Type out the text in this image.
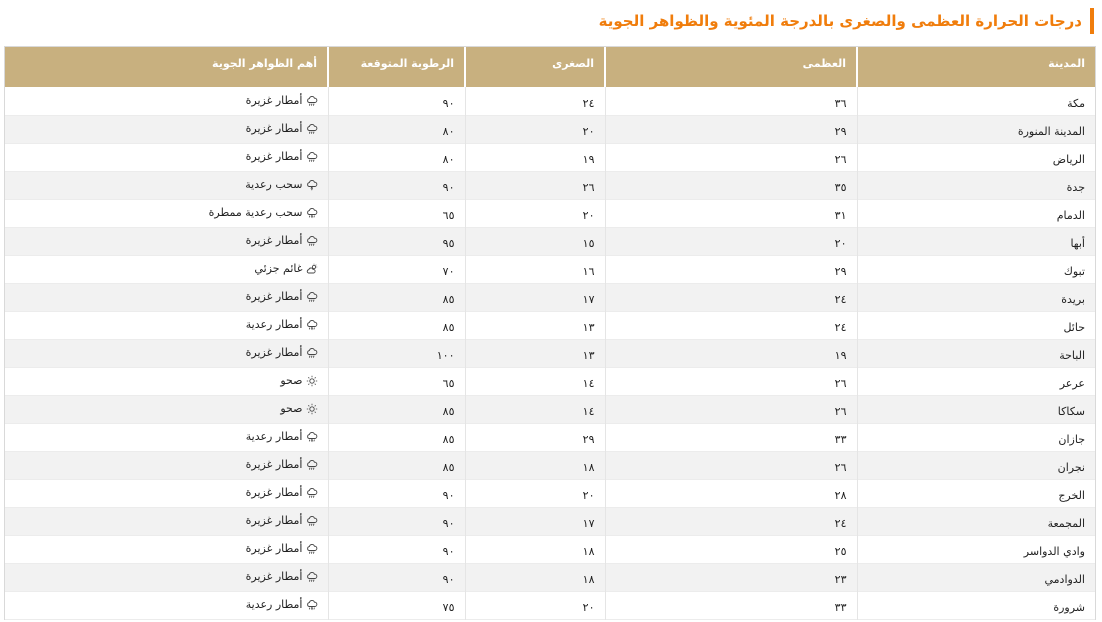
درجات الحرارة العظمى والصغرى بالدرجة المئوية والظواهر الجوية
المدينة	العظمى	الصغرى	الرطوبة المتوقعة	أهم الظواهر الجوية
مكة	٣٦	٢٤	٩٠	أمطار غزيرة

المدينة المنورة	٢٩	٢٠	٨٠	أمطار غزيرة

الرياض	٢٦	١٩	٨٠	أمطار غزيرة

جدة	٣٥	٢٦	٩٠	سحب رعدية

الدمام	٣١	٢٠	٦٥	سحب رعدية ممطرة

أبها	٢٠	١٥	٩٥	أمطار غزيرة

تبوك	٢٩	١٦	٧٠	غائم جزئي

بريدة	٢٤	١٧	٨٥	أمطار غزيرة

حائل	٢٤	١٣	٨٥	أمطار رعدية

الباحة	١٩	١٣	١٠٠	أمطار غزيرة

عرعر	٢٦	١٤	٦٥	صحو

سكاكا	٢٦	١٤	٨٥	صحو

جازان	٣٣	٢٩	٨٥	أمطار رعدية

نجران	٢٦	١٨	٨٥	أمطار غزيرة

الخرج	٢٨	٢٠	٩٠	أمطار غزيرة

المجمعة	٢٤	١٧	٩٠	أمطار غزيرة

وادي الدواسر	٢٥	١٨	٩٠	أمطار غزيرة

الدوادمي	٢٣	١٨	٩٠	أمطار غزيرة

شرورة	٣٣	٢٠	٧٥	أمطار رعدية
